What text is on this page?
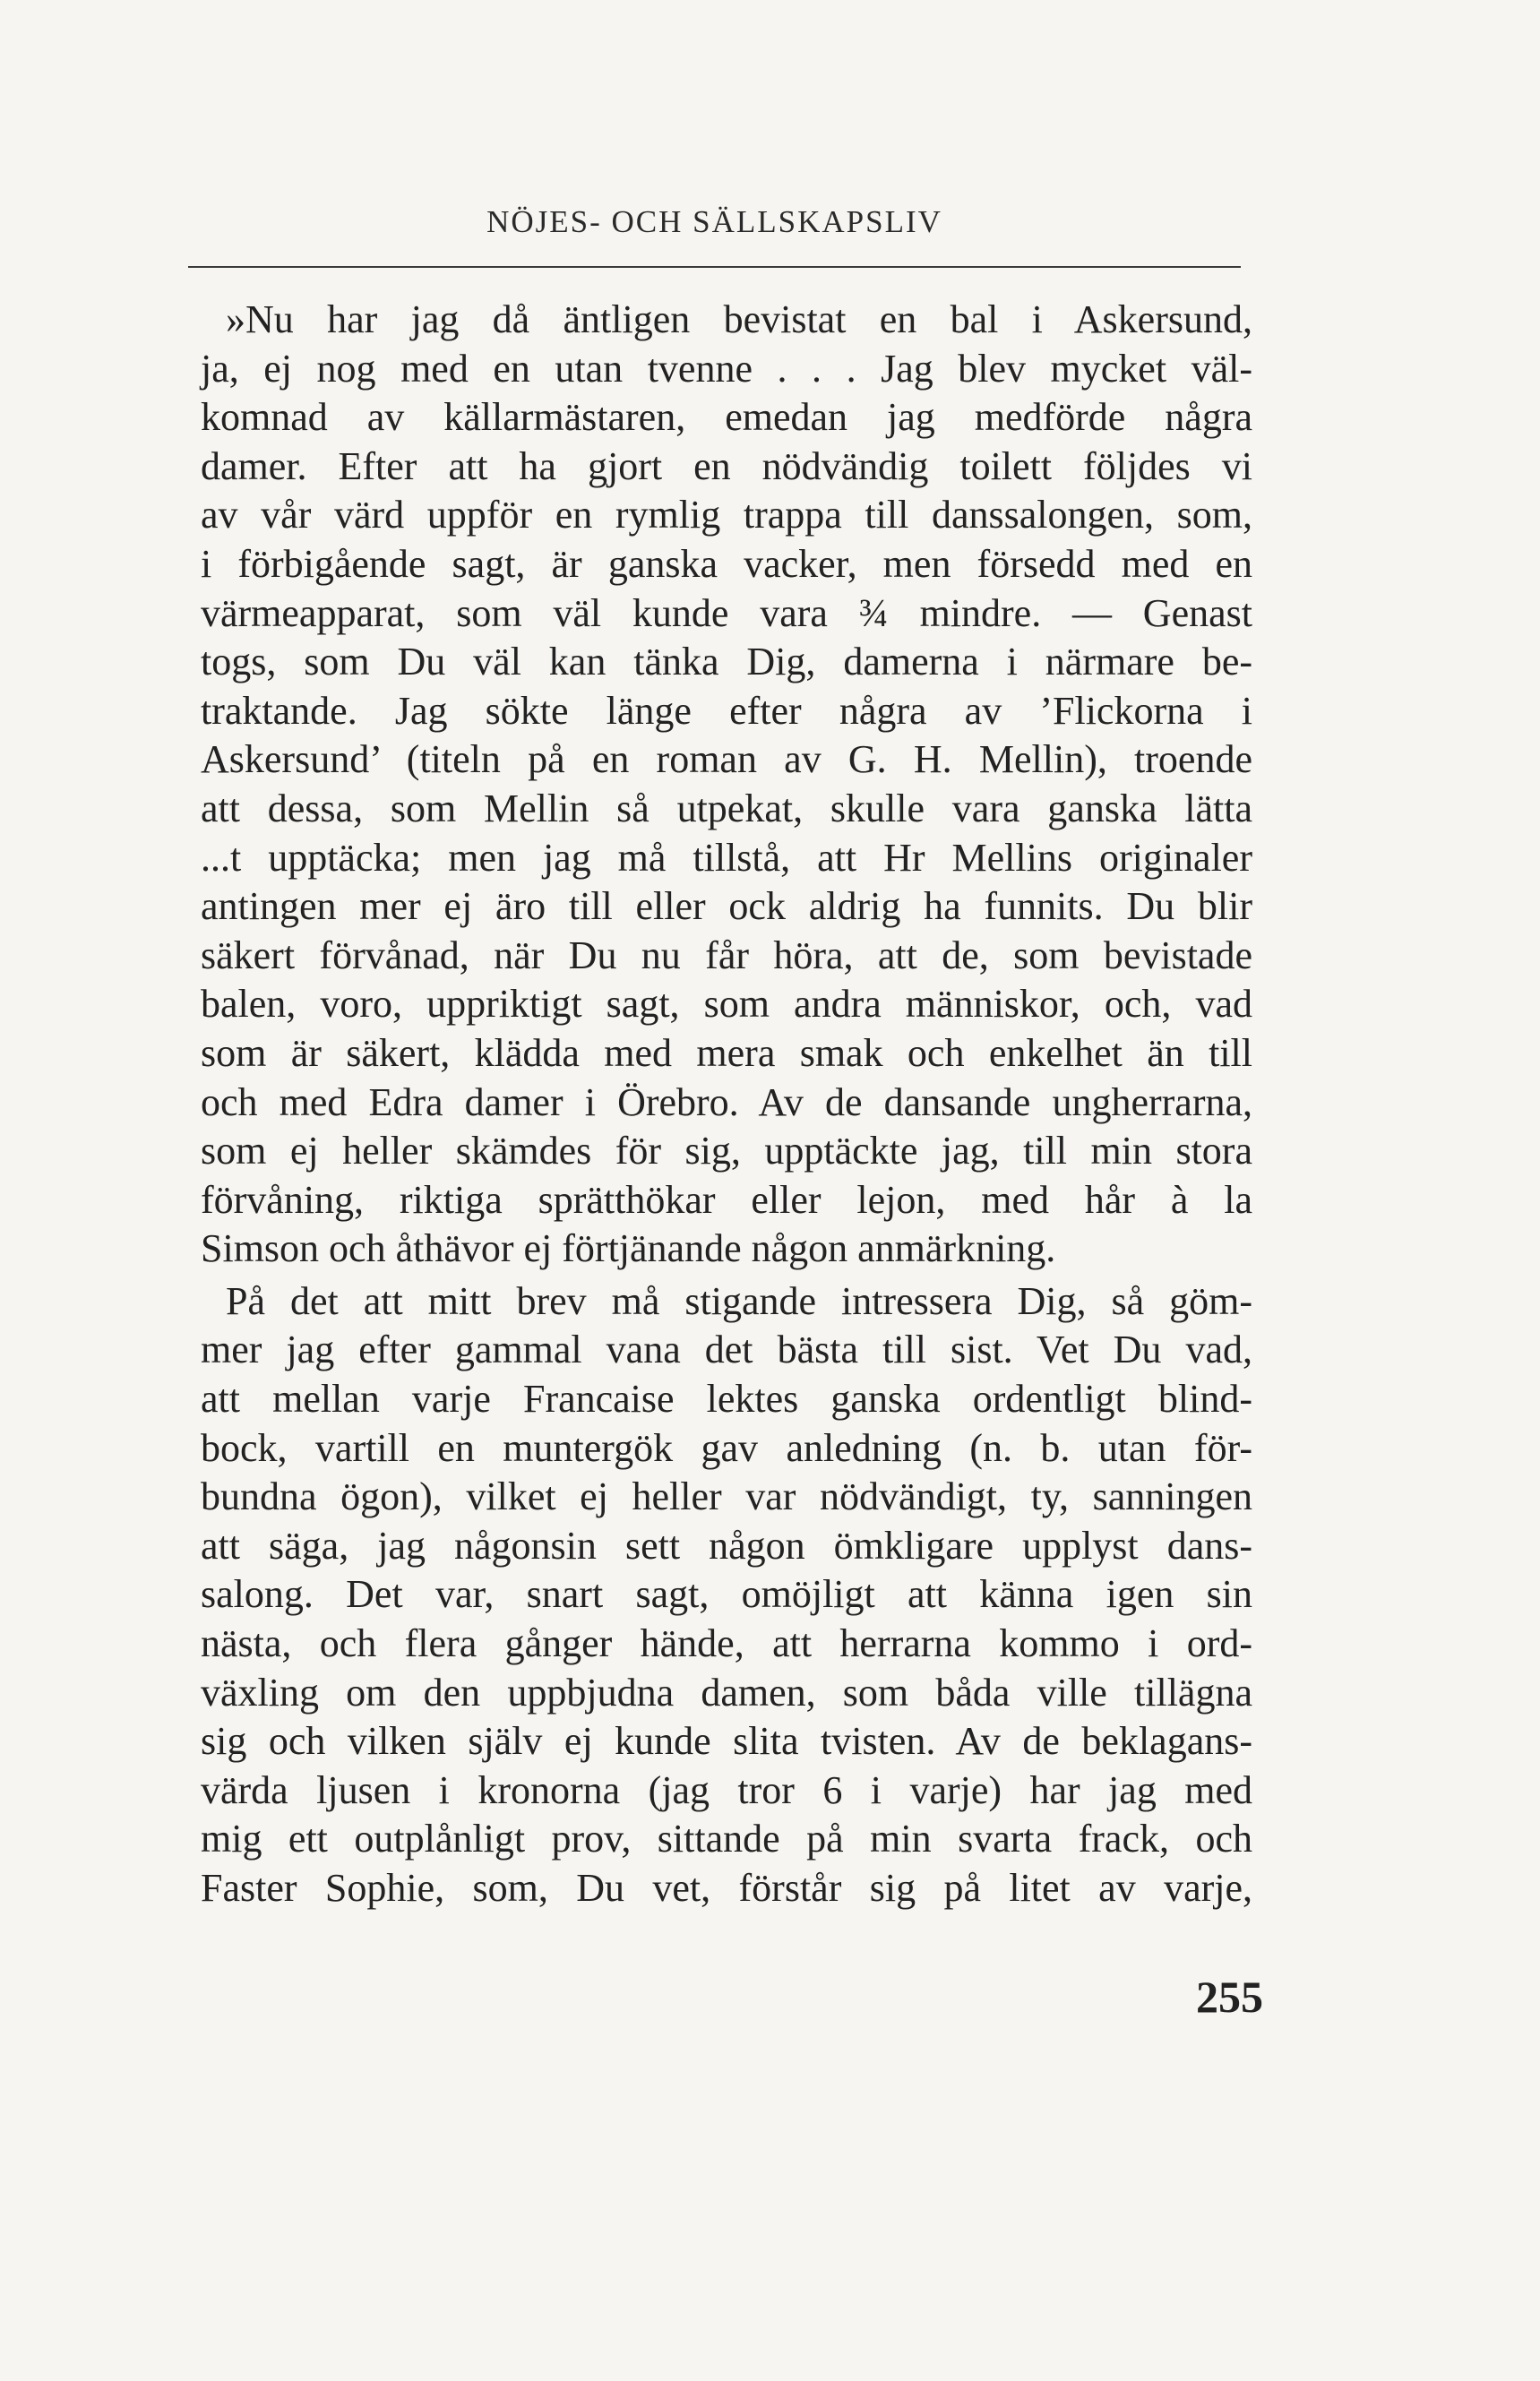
NÖJES- OCH SÄLLSKAPSLIV
»Nu har jag då äntligen bevistat en bal i Askersund,
ja, ej nog med en utan tvenne . . . Jag blev mycket väl-
komnad av källarmästaren, emedan jag medförde några
damer. Efter att ha gjort en nödvändig toilett följdes vi
av vår värd uppför en rymlig trappa till danssalongen, som,
i förbigående sagt, är ganska vacker, men försedd med en
värmeapparat, som väl kunde vara ¾ mindre. — Genast
togs, som Du väl kan tänka Dig, damerna i närmare be-
traktande. Jag sökte länge efter några av ’Flickorna i
Askersund’ (titeln på en roman av G. H. Mellin), troende
att dessa, som Mellin så utpekat, skulle vara ganska lätta
...t upptäcka; men jag må tillstå, att Hr Mellins originaler
antingen mer ej äro till eller ock aldrig ha funnits. Du blir
säkert förvånad, när Du nu får höra, att de, som bevistade
balen, voro, uppriktigt sagt, som andra människor, och, vad
som är säkert, klädda med mera smak och enkelhet än till
och med Edra damer i Örebro. Av de dansande ungherrarna,
som ej heller skämdes för sig, upptäckte jag, till min stora
förvåning, riktiga sprätthökar eller lejon, med hår à la
Simson och åthävor ej förtjänande någon anmärkning.
På det att mitt brev må stigande intressera Dig, så göm-
mer jag efter gammal vana det bästa till sist. Vet Du vad,
att mellan varje Francaise lektes ganska ordentligt blind-
bock, vartill en muntergök gav anledning (n. b. utan för-
bundna ögon), vilket ej heller var nödvändigt, ty, sanningen
att säga, jag någonsin sett någon ömkligare upplyst dans-
salong. Det var, snart sagt, omöjligt att känna igen sin
nästa, och flera gånger hände, att herrarna kommo i ord-
växling om den uppbjudna damen, som båda ville tillägna
sig och vilken själv ej kunde slita tvisten. Av de beklagans-
värda ljusen i kronorna (jag tror 6 i varje) har jag med
mig ett outplånligt prov, sittande på min svarta frack, och
Faster Sophie, som, Du vet, förstår sig på litet av varje,
255
